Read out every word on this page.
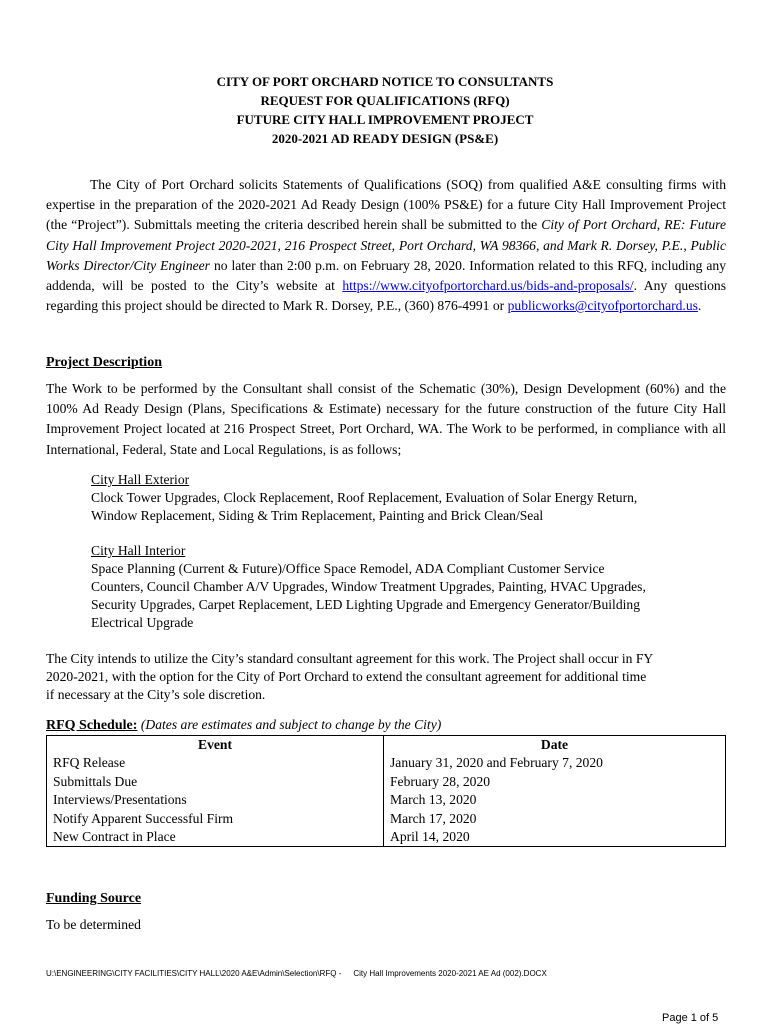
CITY OF PORT ORCHARD NOTICE TO CONSULTANTS
REQUEST FOR QUALIFICATIONS (RFQ)
FUTURE CITY HALL IMPROVEMENT PROJECT
2020-2021 AD READY DESIGN (PS&E)
The City of Port Orchard solicits Statements of Qualifications (SOQ) from qualified A&E consulting firms with expertise in the preparation of the 2020-2021 Ad Ready Design (100% PS&E) for a future City Hall Improvement Project (the “Project”). Submittals meeting the criteria described herein shall be submitted to the City of Port Orchard, RE: Future City Hall Improvement Project 2020-2021, 216 Prospect Street, Port Orchard, WA 98366, and Mark R. Dorsey, P.E., Public Works Director/City Engineer no later than 2:00 p.m. on February 28, 2020. Information related to this RFQ, including any addenda, will be posted to the City’s website at https://www.cityofportorchard.us/bids-and-proposals/. Any questions regarding this project should be directed to Mark R. Dorsey, P.E., (360) 876-4991 or publicworks@cityofportorchard.us.
Project Description
The Work to be performed by the Consultant shall consist of the Schematic (30%), Design Development (60%) and the 100% Ad Ready Design (Plans, Specifications & Estimate) necessary for the future construction of the future City Hall Improvement Project located at 216 Prospect Street, Port Orchard, WA. The Work to be performed, in compliance with all International, Federal, State and Local Regulations, is as follows;
City Hall Exterior
Clock Tower Upgrades, Clock Replacement, Roof Replacement, Evaluation of Solar Energy Return,
Window Replacement, Siding & Trim Replacement, Painting and Brick Clean/Seal
City Hall Interior
Space Planning (Current & Future)/Office Space Remodel, ADA Compliant Customer Service
Counters, Council Chamber A/V Upgrades, Window Treatment Upgrades, Painting, HVAC Upgrades,
Security Upgrades, Carpet Replacement, LED Lighting Upgrade and Emergency Generator/Building
Electrical Upgrade
The City intends to utilize the City’s standard consultant agreement for this work. The Project shall occur in FY
2020-2021, with the option for the City of Port Orchard to extend the consultant agreement for additional time
if necessary at the City’s sole discretion.
RFQ Schedule: (Dates are estimates and subject to change by the City)
Event	Date
RFQ Release	January 31, 2020 and February 7, 2020
Submittals Due	February 28, 2020
Interviews/Presentations	March 13, 2020
Notify Apparent Successful Firm	March 17, 2020
New Contract in Place	April 14, 2020
Funding Source
To be determined
U:\ENGINEERING\CITY FACILITIES\CITY HALL\2020 A&E\Admin\Selection\RFQ - City Hall Improvements 2020-2021 AE Ad (002).DOCX
Page 1 of 5
